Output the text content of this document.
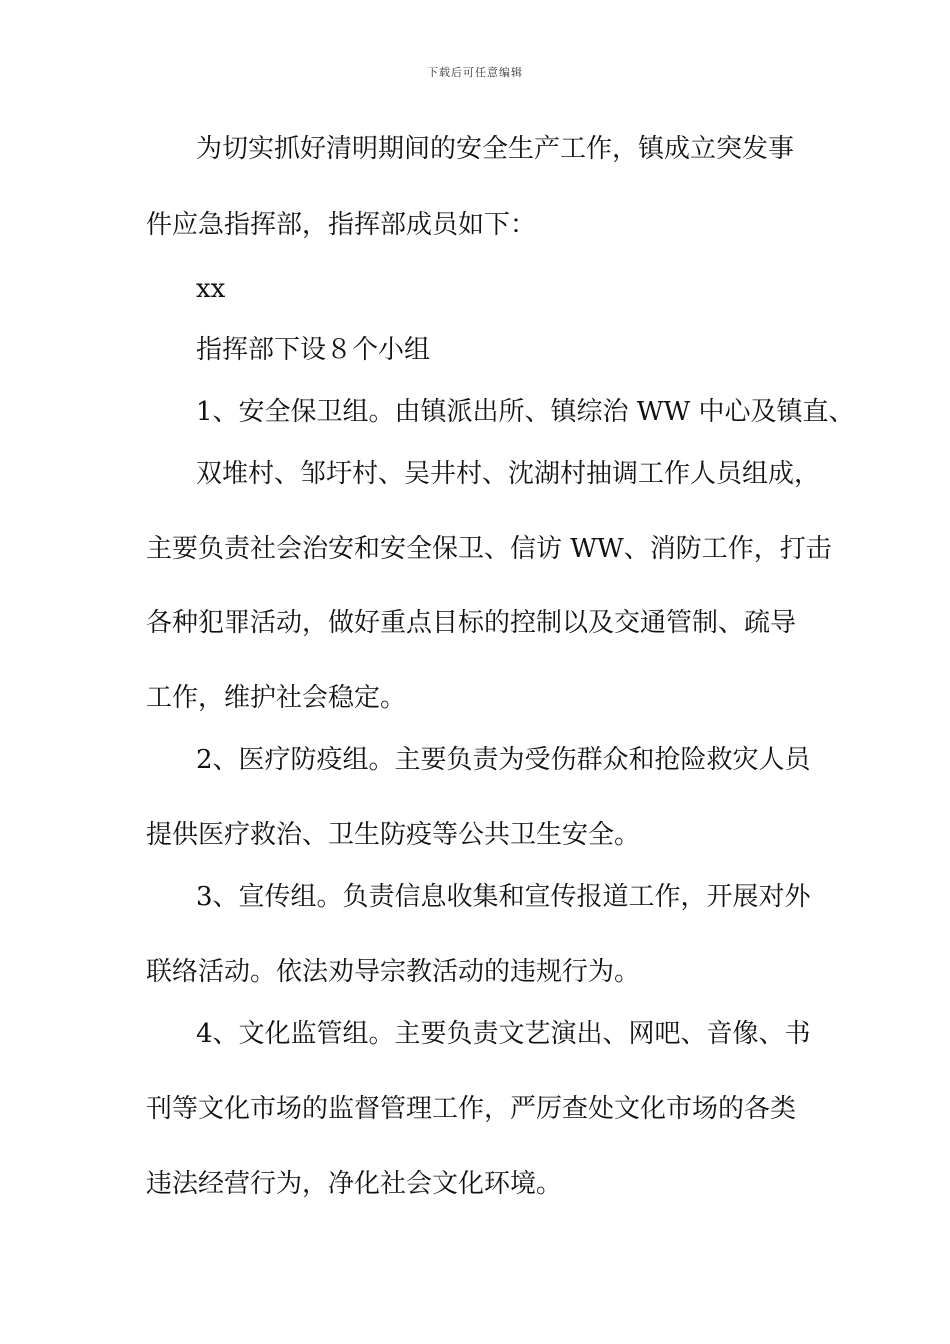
下载后可任意编辑
为切实抓好清明期间的安全生产工作，镇成立突发事
件应急指挥部，指挥部成员如下：
xx
指挥部下设８个小组
1、安全保卫组。由镇派出所、镇综治 WW 中心及镇直、
双堆村、邹圩村、吴井村、沈湖村抽调工作人员组成，
主要负责社会治安和安全保卫、信访 WW、消防工作，打击
各种犯罪活动，做好重点目标的控制以及交通管制、疏导
工作，维护社会稳定。
2、医疗防疫组。主要负责为受伤群众和抢险救灾人员
提供医疗救治、卫生防疫等公共卫生安全。
3、宣传组。负责信息收集和宣传报道工作，开展对外
联络活动。依法劝导宗教活动的违规行为。
4、文化监管组。主要负责文艺演出、网吧、音像、书
刊等文化市场的监督管理工作，严厉查处文化市场的各类
违法经营行为，净化社会文化环境。
